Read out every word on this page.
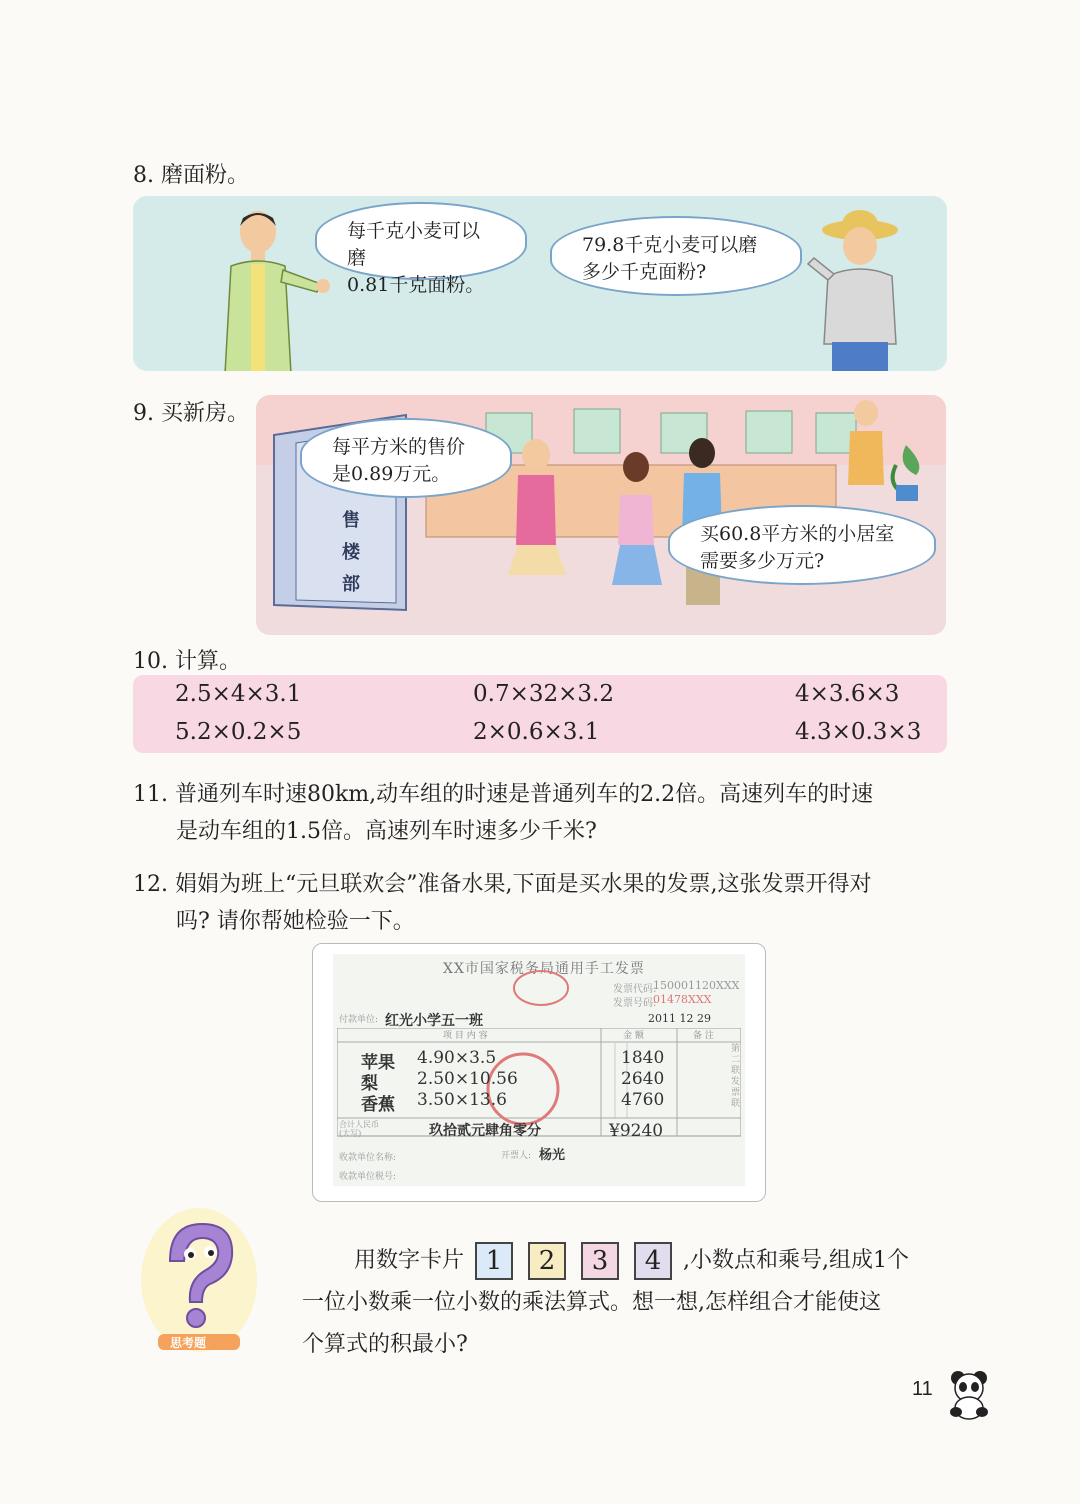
8. 磨面粉。
每千克小麦可以磨
0.81千克面粉。
79.8千克小麦可以磨
多少千克面粉?
9. 买新房。
售
楼
部
每平方米的售价
是0.89万元。
买60.8平方米的小居室
需要多少万元?
10. 计算。
2.5×4×3.1	0.7×32×3.2	4×3.6×3
5.2×0.2×5	2×0.6×3.1	4.3×0.3×3
11. 普通列车时速80km,动车组的时速是普通列车的2.2倍。高速列车的时速
是动车组的1.5倍。高速列车时速多少千米?
12. 娟娟为班上“元旦联欢会”准备水果,下面是买水果的发票,这张发票开得对
吗? 请你帮她检验一下。
XX市国家税务局通用手工发票
发票代码:
150001120XXX
发票号码:
01478XXX
付款单位: 红光小学五一班	2011 12 29
项 目 内 容	金 额	备 注
苹果 4.90×3.5	1840
梨 2.50×10.56	2640
香蕉 3.50×13.6	4760
合计人民币(大写)	玖拾贰元肆角零分	¥9240
收款单位名称:	开票人: 杨光
收款单位税号:
第二联 发票联
思考题
用数字卡片 1 2 3 4 ,小数点和乘号,组成1个
一位小数乘一位小数的乘法算式。想一想,怎样组合才能使这
个算式的积最小?
11
